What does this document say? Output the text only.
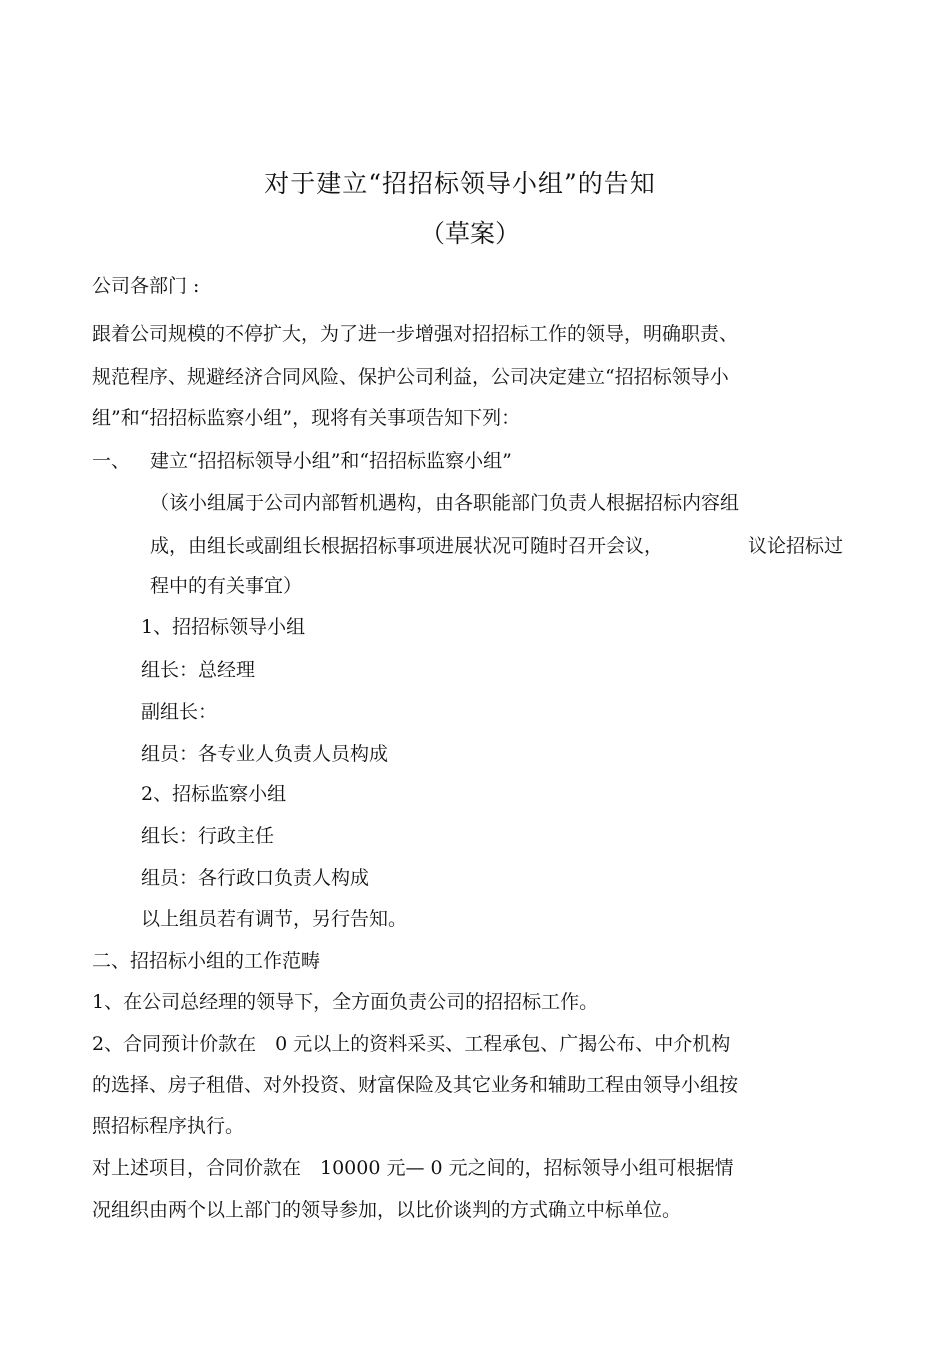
对于建立“招招标领导小组”的告知
（草案）
公司各部门 :
跟着公司规模的不停扩大，为了进一步增强对招招标工作的领导，明确职责、
规范程序、规避经济合同风险、保护公司利益，公司决定建立“招招标领导小
组”和“招招标监察小组”，现将有关事项告知下列：
一、 建立“招招标领导小组”和“招招标监察小组”
（该小组属于公司内部暂机遇构，由各职能部门负责人根据招标内容组
成，由组长或副组长根据招标事项进展状况可随时召开会议，	议论招标过
程中的有关事宜）
1、招招标领导小组
组长：总经理
副组长：
组员：各专业人负责人员构成
2、招标监察小组
组长：行政主任
组员：各行政口负责人构成
以上组员若有调节，另行告知。
二、招招标小组的工作范畴
1、在公司总经理的领导下，全方面负责公司的招招标工作。
2、合同预计价款在　0 元以上的资料采买、工程承包、广揭公布、中介机构
的选择、房子租借、对外投资、财富保险及其它业务和辅助工程由领导小组按
照招标程序执行。
对上述项目，合同价款在　10000 元— 0 元之间的，招标领导小组可根据情
况组织由两个以上部门的领导参加，以比价谈判的方式确立中标单位。
